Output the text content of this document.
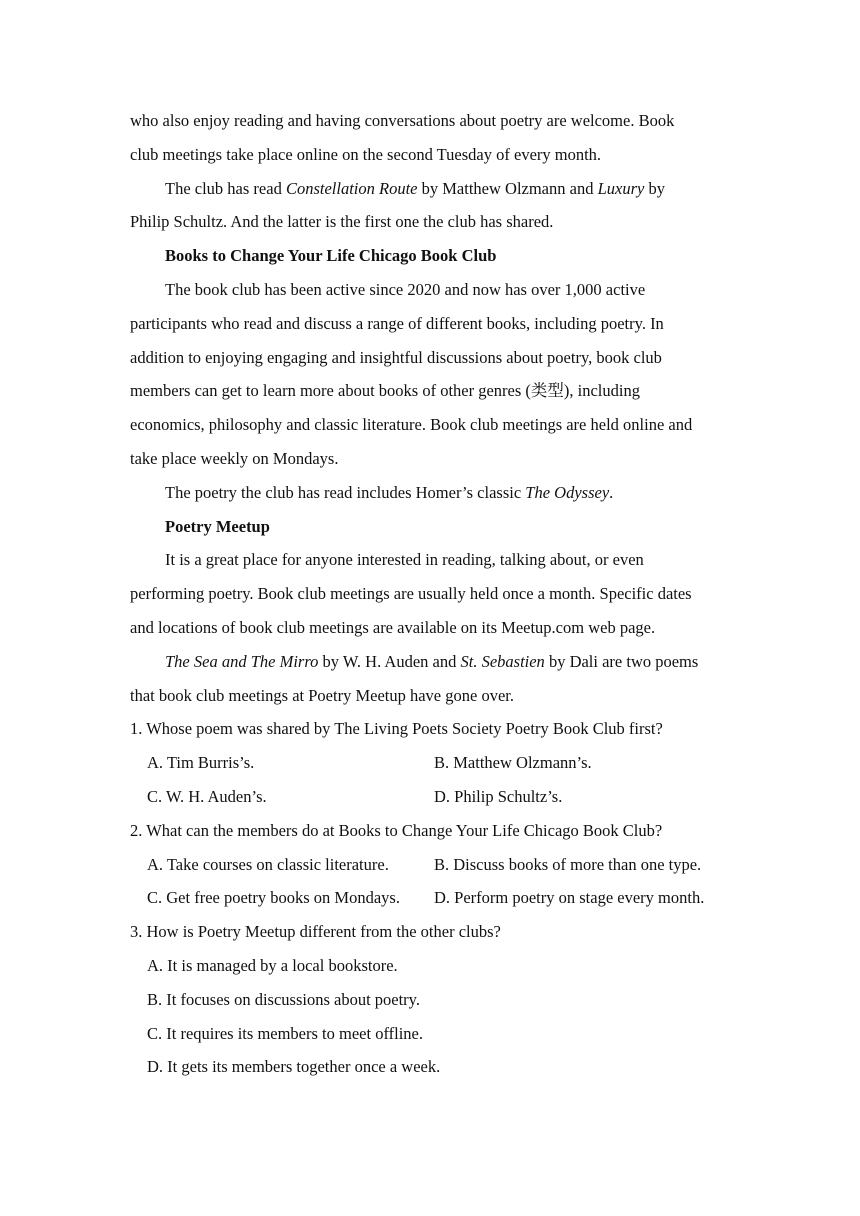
who also enjoy reading and having conversations about poetry are welcome. Book
club meetings take place online on the second Tuesday of every month.
The club has read Constellation Route by Matthew Olzmann and Luxury by
Philip Schultz. And the latter is the first one the club has shared.
Books to Change Your Life Chicago Book Club
The book club has been active since 2020 and now has over 1,000 active
participants who read and discuss a range of different books, including poetry. In
addition to enjoying engaging and insightful discussions about poetry, book club
members can get to learn more about books of other genres (类型), including
economics, philosophy and classic literature. Book club meetings are held online and
take place weekly on Mondays.
The poetry the club has read includes Homer’s classic The Odyssey.
Poetry Meetup
It is a great place for anyone interested in reading, talking about, or even
performing poetry. Book club meetings are usually held once a month. Specific dates
and locations of book club meetings are available on its Meetup.com web page.
The Sea and The Mirro by W. H. Auden and St. Sebastien by Dali are two poems
that book club meetings at Poetry Meetup have gone over.
1. Whose poem was shared by The Living Poets Society Poetry Book Club first?
A. Tim Burris’s.	B. Matthew Olzmann’s.
C. W. H. Auden’s.	D. Philip Schultz’s.
2. What can the members do at Books to Change Your Life Chicago Book Club?
A. Take courses on classic literature.	B. Discuss books of more than one type.
C. Get free poetry books on Mondays.	D. Perform poetry on stage every month.
3. How is Poetry Meetup different from the other clubs?
A. It is managed by a local bookstore.
B. It focuses on discussions about poetry.
C. It requires its members to meet offline.
D. It gets its members together once a week.
